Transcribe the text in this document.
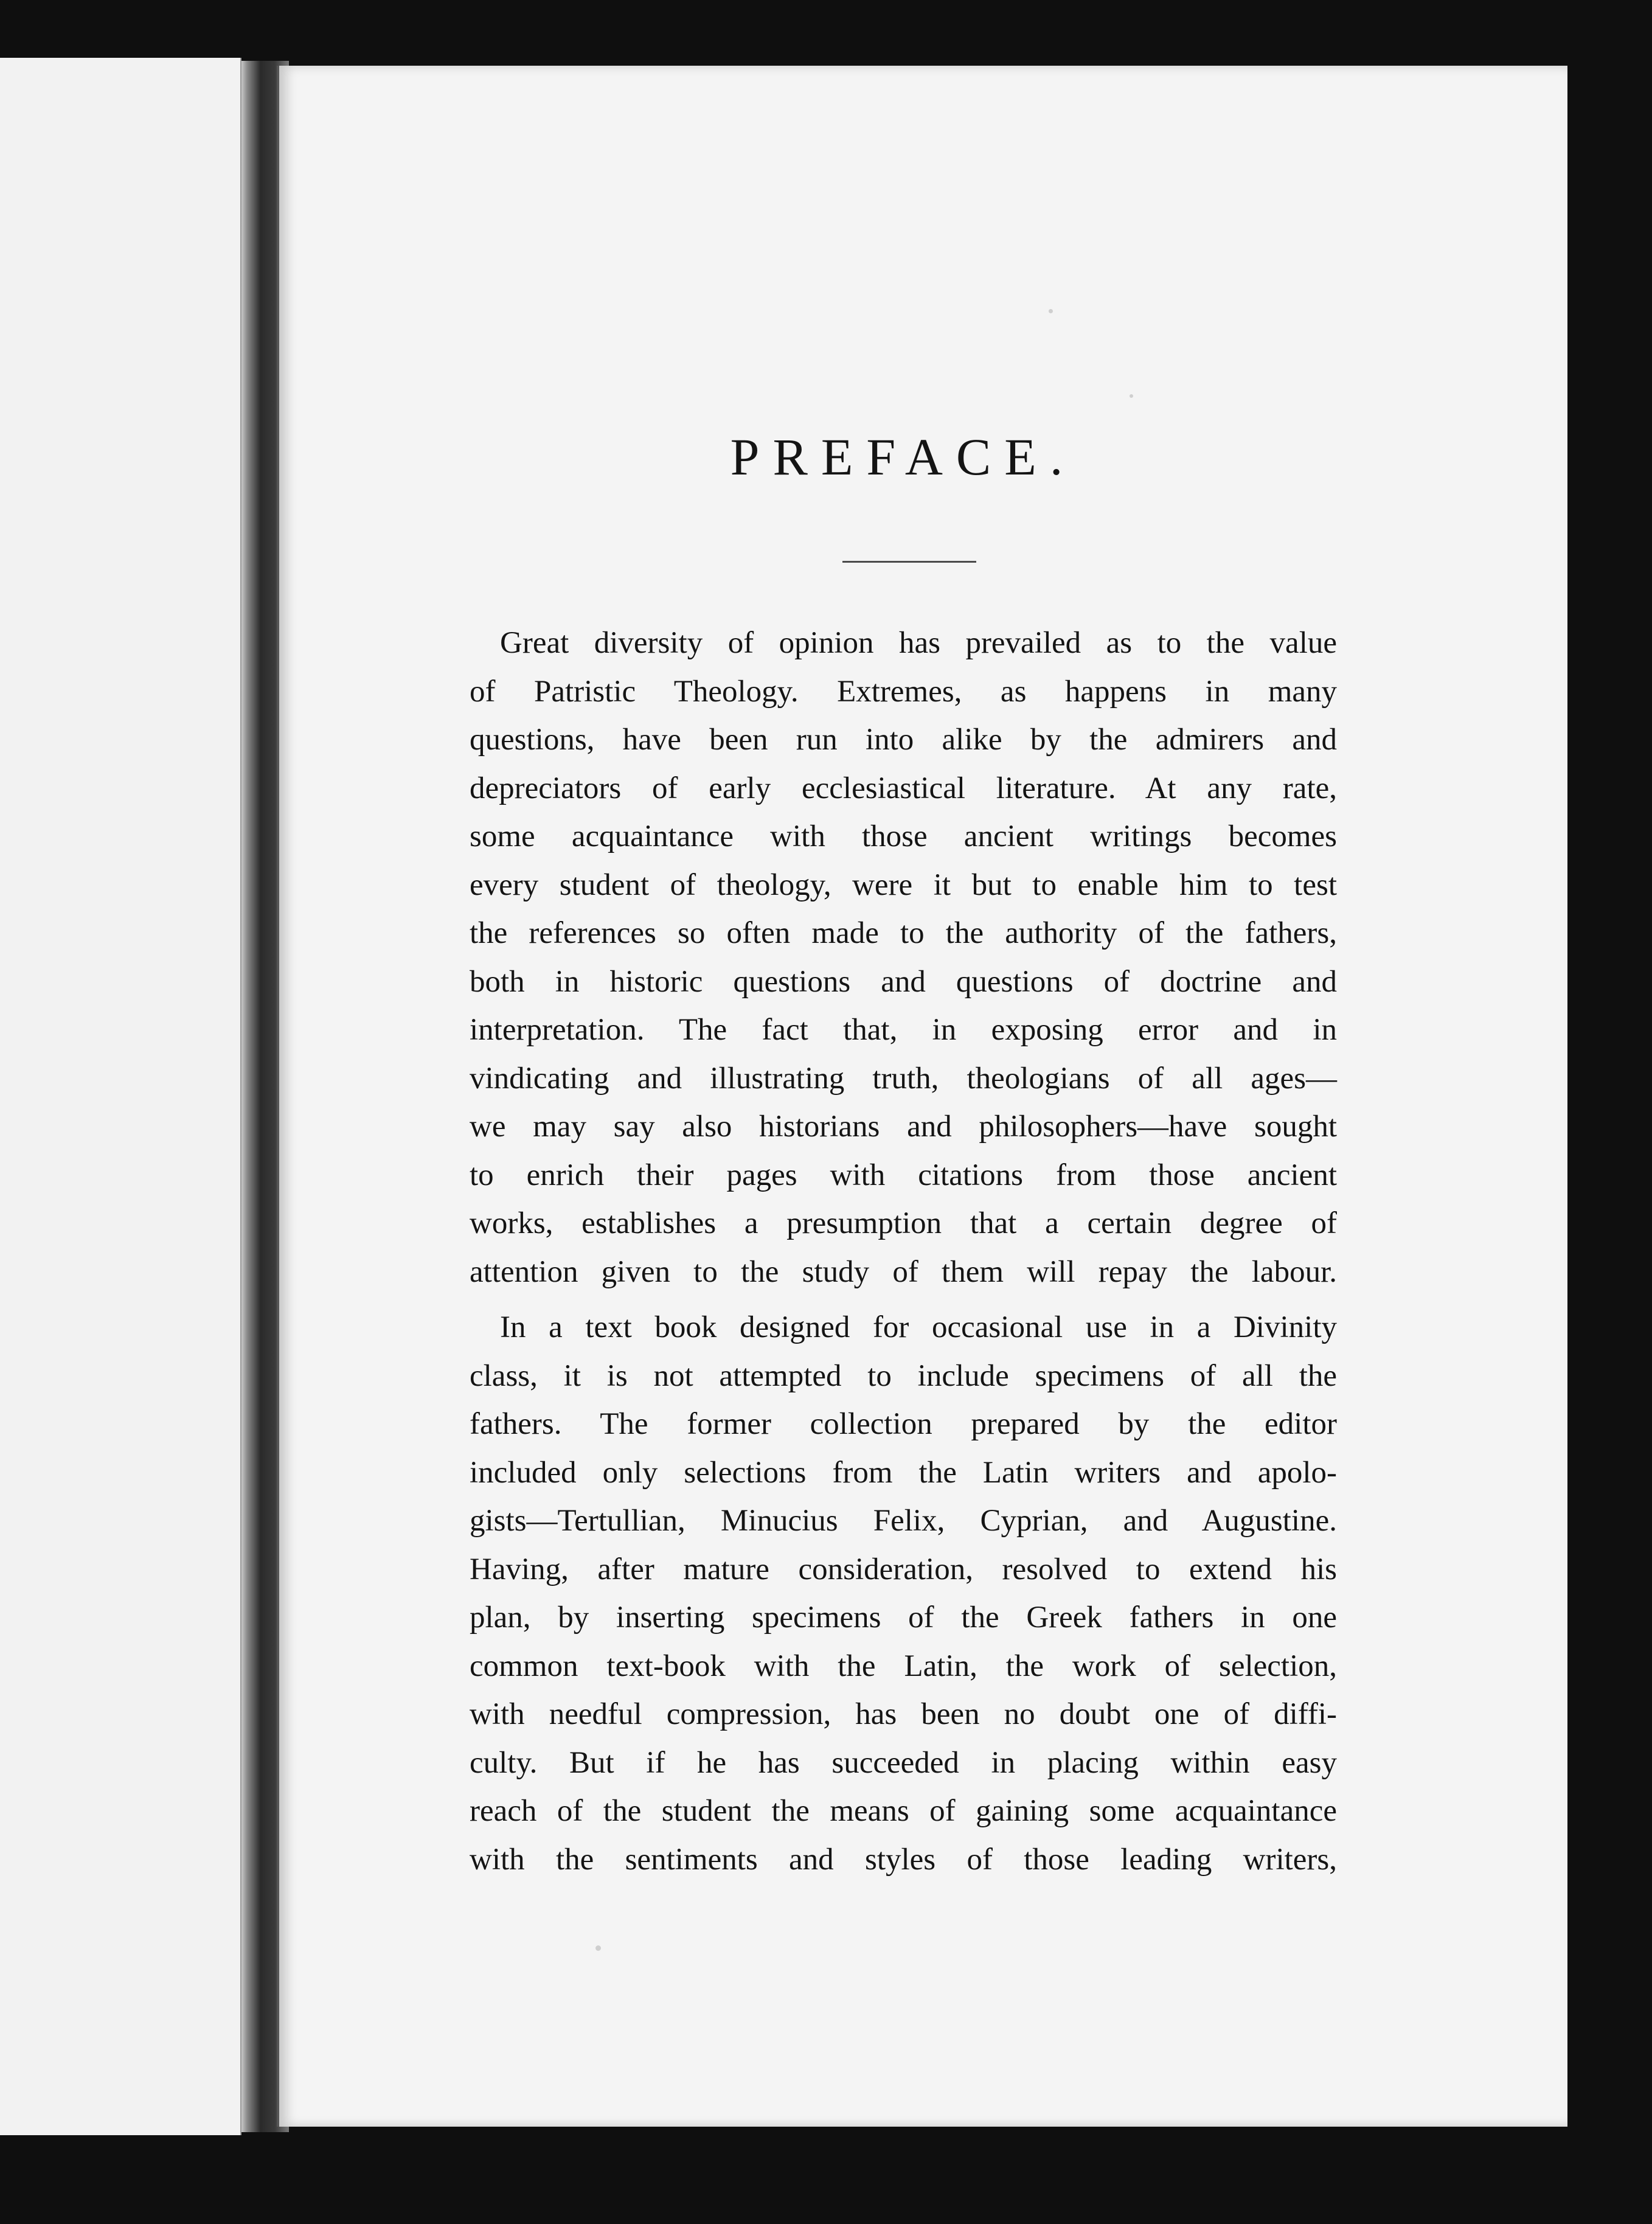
PREFACE.
Great diversity of opinion has prevailed as to the value
of Patristic Theology. Extremes, as happens in many
questions, have been run into alike by the admirers and
depreciators of early ecclesiastical literature. At any rate,
some acquaintance with those ancient writings becomes
every student of theology, were it but to enable him to test
the references so often made to the authority of the fathers,
both in historic questions and questions of doctrine and
interpretation. The fact that, in exposing error and in
vindicating and illustrating truth, theologians of all ages—
we may say also historians and philosophers—have sought
to enrich their pages with citations from those ancient
works, establishes a presumption that a certain degree of
attention given to the study of them will repay the labour.
In a text book designed for occasional use in a Divinity
class, it is not attempted to include specimens of all the
fathers. The former collection prepared by the editor
included only selections from the Latin writers and apolo-
gists—Tertullian, Minucius Felix, Cyprian, and Augustine.
Having, after mature consideration, resolved to extend his
plan, by inserting specimens of the Greek fathers in one
common text-book with the Latin, the work of selection,
with needful compression, has been no doubt one of diffi-
culty. But if he has succeeded in placing within easy
reach of the student the means of gaining some acquaintance
with the sentiments and styles of those leading writers,
